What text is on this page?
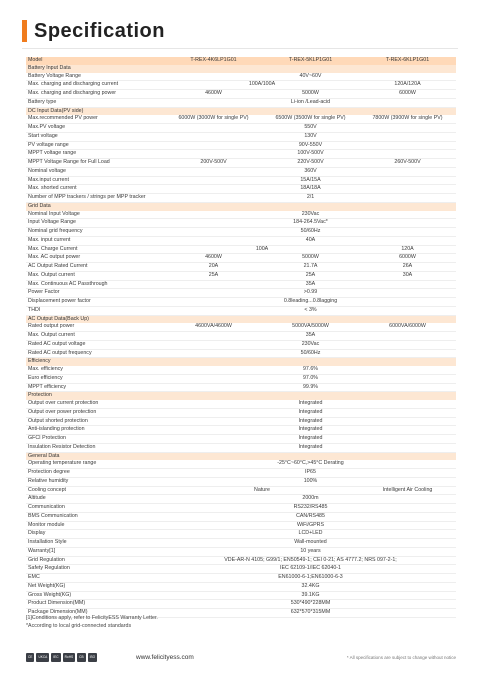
Specification
Model	T-REX-4K6LP1G01	T-REX-5KLP1G01	T-REX-6KLP1G01
Battery Input Data			
Battery Voltage Range	40V~60V		
Max. charging and discharging current	100A/100A		120A/120A
Max. charging and discharging power	4600W	5000W	6000W
Battery type	Li-ion /Lead-acid		
DC Input Data(PV side)			
Max.recommended PV power	6000W (3000W for single PV)	6500W (3500W for single PV)	7800W (3900W for single PV)
Max.PV voltage	550V		
Start voltage	130V		
PV voltage range	90V-550V		
MPPT voltage range	100V-500V		
MPPT Voltage Range for Full Load	200V-500V	220V-500V	260V-500V
Nominal voltage	360V		
Max.input current	15A/15A		
Max. shorted current	18A/18A		
Number of MPP trackers / strings per MPP tracker	2/1		
Grid Data			
Nominal Input Voltage	230Vac		
Input Voltage Range	184-264.5Vac*		
Nominal grid frequency	50/60Hz		
Max. input current	40A		
Max. Charge Current	100A		120A
Max. AC output power	4600W	5000W	6000W
AC Output Rated Current	20A	21.7A	26A
Max. Output current	25A	25A	30A
Max. Continuous AC Passthrough	35A		
Power Factor	>0.99		
Displacement power factor	0.8leading...0.8lagging		
THDI	< 3%		
AC Output Data(Back Up)			
Rated output power	4600VA/4600W	5000VA/5000W	6000VA/6000W
Max. Output current	35A		
Rated AC output voltage	230Vac		
Rated AC output frequency	50/60Hz		
Efficiency			
Max. efficiency	97.6%		
Euro efficiency	97.0%		
MPPT efficiency	99.9%		
Protection			
Output over current protection	Integrated		
Output over power protection	Integrated		
Output shorted protection	Integrated		
Anti-islanding protection	Integrated		
GFCI Protection	Integrated		
Insulation Resistor Detection	Integrated		
General Data			
Operating temperature range	-25°C~60°C,>45°C Derating		
Protection degree	IP65		
Relative humidity	100%		
Cooling concept	Nature		Intelligent Air Cooling
Altitude	2000m		
Communication	RS232/RS485		
BMS Communication	CAN/RS485		
Monitor module	WiFi/GPRS		
Display	LCD+LED		
Installation Style	Wall-mounted		
Warranty[1]	10 years		
Grid Regulation	VDE-AR-N 4105; G99/1; EN50549-1; CEI 0-21; AS 4777.2; NRS 097-2-1;		
Safety Regulation	IEC 62109-1/IEC 62040-1		
EMC	EN61000-6-1;EN61000-6-3		
Net Weight(KG)	32.4KG		
Gross Weight(KG)	39.1KG		
Product Dimension(MM)	530*490*228MM		
Package Dimension(MM)	632*570*315MM		
[1]Conditions apply, refer to FelicityESS Warranty Letter.
*According to local grid-connected standards
CE	UKCA	IEC	RoHS	CB	ISO	www.felicityess.com	* All specifications are subject to change without notice
